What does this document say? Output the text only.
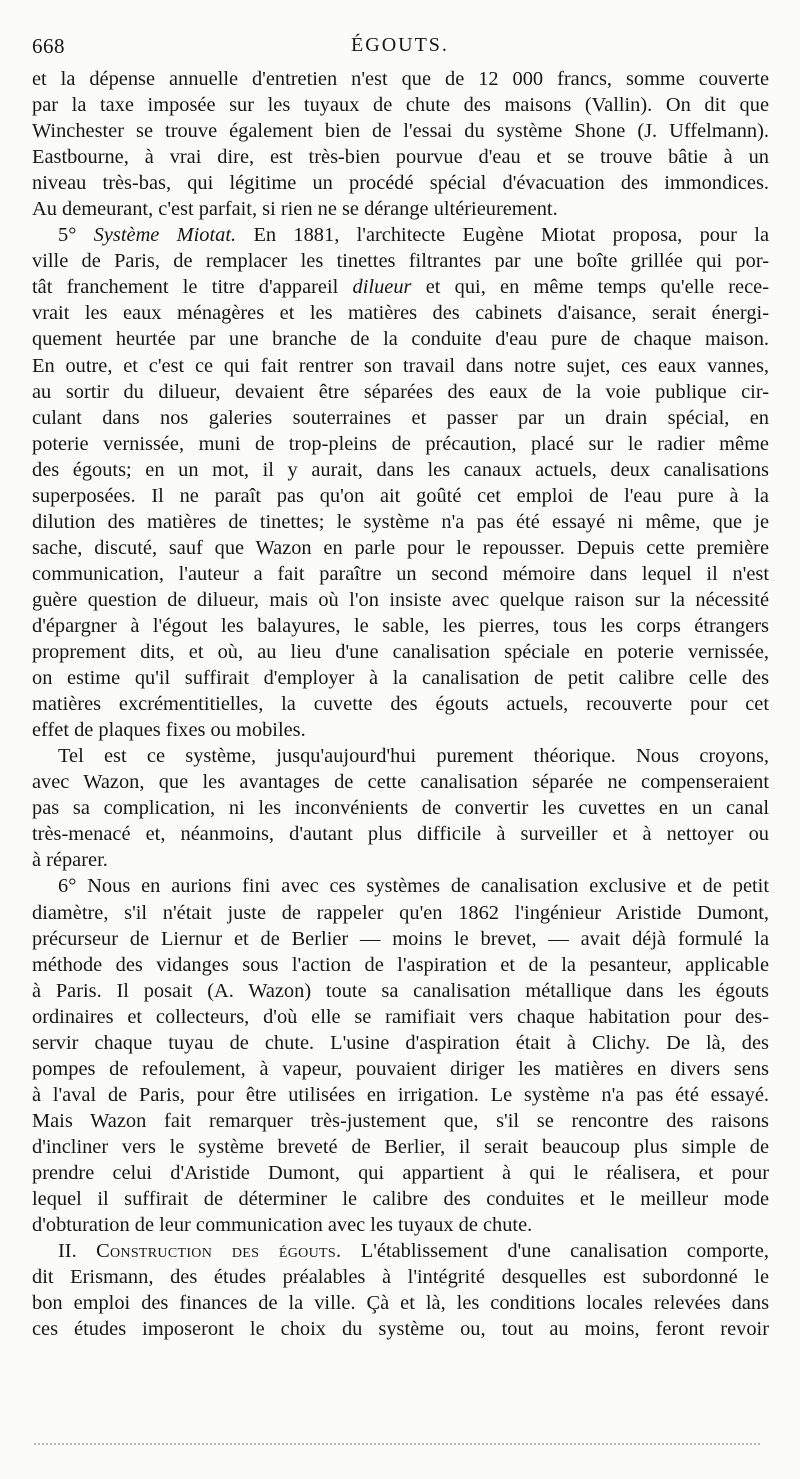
668	ÉGOUTS.
et la dépense annuelle d'entretien n'est que de 12 000 francs, somme couverte
par la taxe imposée sur les tuyaux de chute des maisons (Vallin). On dit que
Winchester se trouve également bien de l'essai du système Shone (J. Uffelmann).
Eastbourne, à vrai dire, est très-bien pourvue d'eau et se trouve bâtie à un
niveau très-bas, qui légitime un procédé spécial d'évacuation des immondices.
Au demeurant, c'est parfait, si rien ne se dérange ultérieurement.
5° Système Miotat. En 1881, l'architecte Eugène Miotat proposa, pour la
ville de Paris, de remplacer les tinettes filtrantes par une boîte grillée qui por-
tât franchement le titre d'appareil dilueur et qui, en même temps qu'elle rece-
vrait les eaux ménagères et les matières des cabinets d'aisance, serait énergi-
quement heurtée par une branche de la conduite d'eau pure de chaque maison.
En outre, et c'est ce qui fait rentrer son travail dans notre sujet, ces eaux vannes,
au sortir du dilueur, devaient être séparées des eaux de la voie publique cir-
culant dans nos galeries souterraines et passer par un drain spécial, en
poterie vernissée, muni de trop-pleins de précaution, placé sur le radier même
des égouts; en un mot, il y aurait, dans les canaux actuels, deux canalisations
superposées. Il ne paraît pas qu'on ait goûté cet emploi de l'eau pure à la
dilution des matières de tinettes; le système n'a pas été essayé ni même, que je
sache, discuté, sauf que Wazon en parle pour le repousser. Depuis cette première
communication, l'auteur a fait paraître un second mémoire dans lequel il n'est
guère question de dilueur, mais où l'on insiste avec quelque raison sur la nécessité
d'épargner à l'égout les balayures, le sable, les pierres, tous les corps étrangers
proprement dits, et où, au lieu d'une canalisation spéciale en poterie vernissée,
on estime qu'il suffirait d'employer à la canalisation de petit calibre celle des
matières excrémentitielles, la cuvette des égouts actuels, recouverte pour cet
effet de plaques fixes ou mobiles.
Tel est ce système, jusqu'aujourd'hui purement théorique. Nous croyons,
avec Wazon, que les avantages de cette canalisation séparée ne compenseraient
pas sa complication, ni les inconvénients de convertir les cuvettes en un canal
très-menacé et, néanmoins, d'autant plus difficile à surveiller et à nettoyer ou
à réparer.
6° Nous en aurions fini avec ces systèmes de canalisation exclusive et de petit
diamètre, s'il n'était juste de rappeler qu'en 1862 l'ingénieur Aristide Dumont,
précurseur de Liernur et de Berlier — moins le brevet, — avait déjà formulé la
méthode des vidanges sous l'action de l'aspiration et de la pesanteur, applicable
à Paris. Il posait (A. Wazon) toute sa canalisation métallique dans les égouts
ordinaires et collecteurs, d'où elle se ramifiait vers chaque habitation pour des-
servir chaque tuyau de chute. L'usine d'aspiration était à Clichy. De là, des
pompes de refoulement, à vapeur, pouvaient diriger les matières en divers sens
à l'aval de Paris, pour être utilisées en irrigation. Le système n'a pas été essayé.
Mais Wazon fait remarquer très-justement que, s'il se rencontre des raisons
d'incliner vers le système breveté de Berlier, il serait beaucoup plus simple de
prendre celui d'Aristide Dumont, qui appartient à qui le réalisera, et pour
lequel il suffirait de déterminer le calibre des conduites et le meilleur mode
d'obturation de leur communication avec les tuyaux de chute.
II. Construction des égouts. L'établissement d'une canalisation comporte,
dit Erismann, des études préalables à l'intégrité desquelles est subordonné le
bon emploi des finances de la ville. Çà et là, les conditions locales relevées dans
ces études imposeront le choix du système ou, tout au moins, feront revoir
